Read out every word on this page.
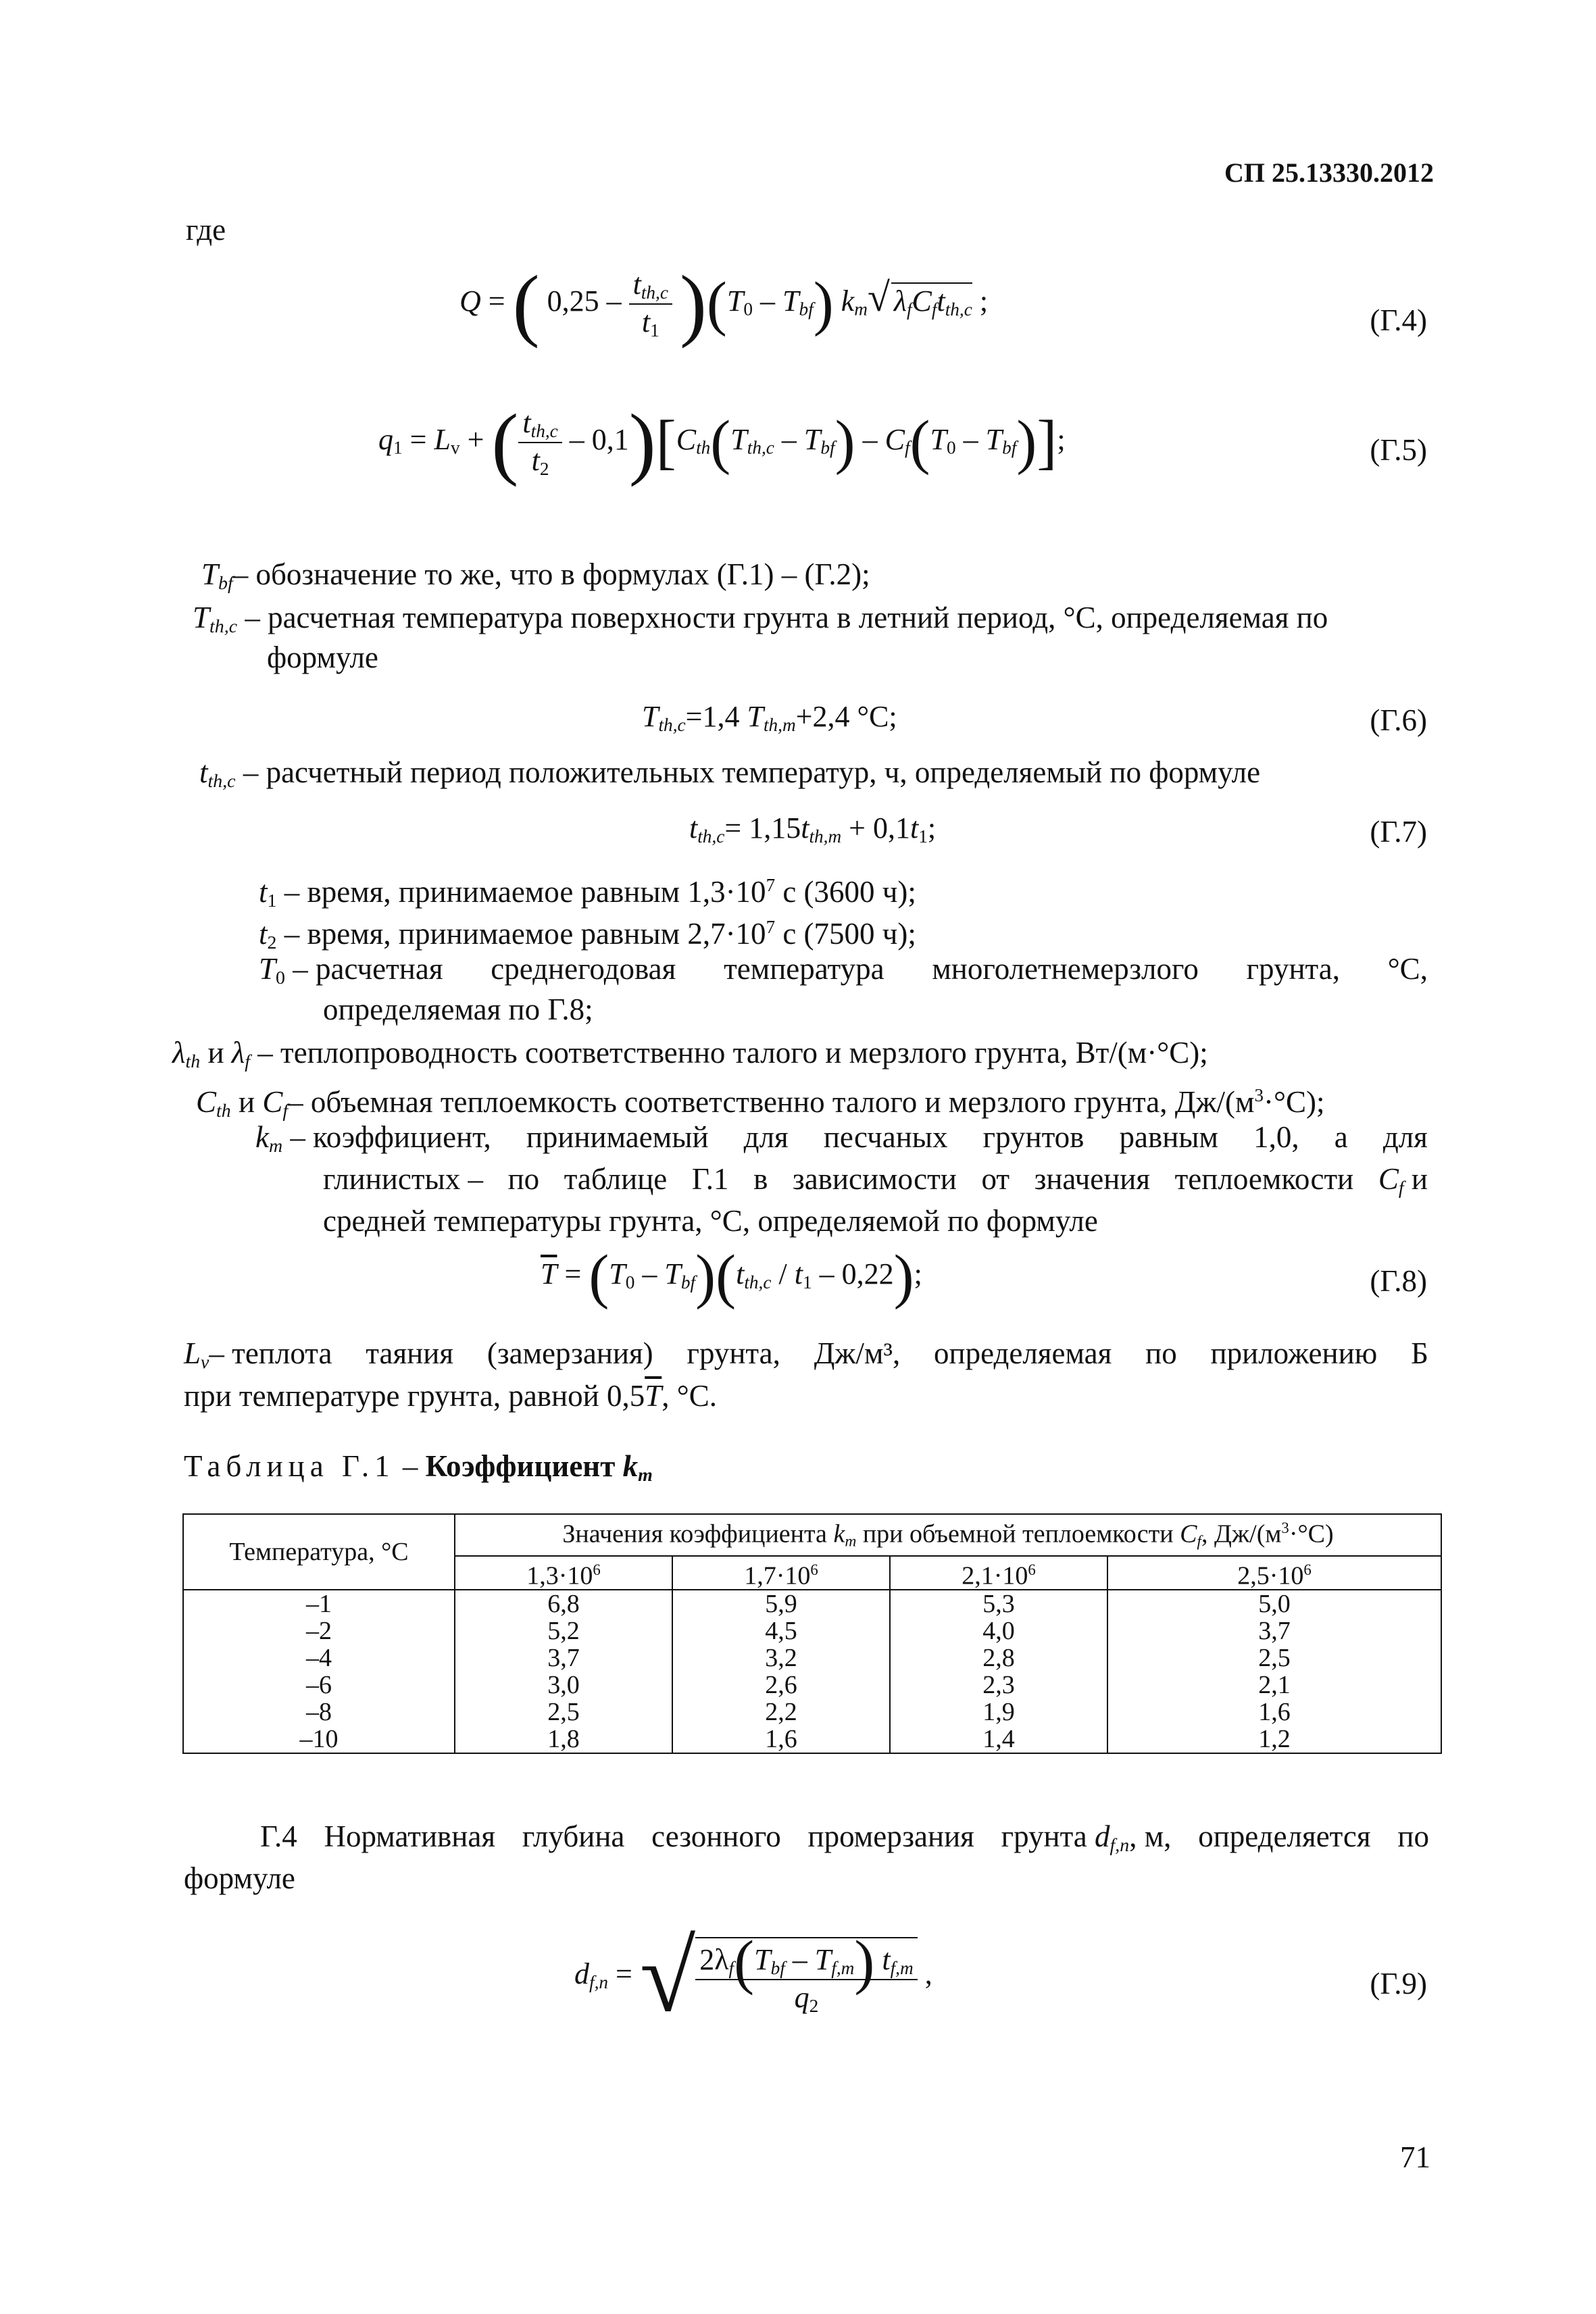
СП 25.13330.2012
где
Q = ( $0,25 - \frac{t_{th,c}}{t_1} )(T_0 - T_{bf})$ $k_m√$ $\lambda_fC_ft_{th,c}$ ;
(Г.4)
$q_1 = L_v$ + ( $\frac{t_{th,c}}{t_2} - 0,1)[C_{th}(T_{th,c} - T_{bf}) - C_f(T_0 - T_{bf})]$;	(Г.5)
$T_{bf}-$ обозначение то же, что в формулах (Г.1) – (Г.2);
$T_{th,c}$ – расчетная температура поверхности грунта в летний период, °С, определяемая по
формуле
$T_{th,c}=1,4$ $T_{th,m}+2,4$ °C;	(Г.6)
$t_{th,c}$ – расчетный период положительных температур, ч, определяемый по формуле
$t_{th,c}= 1,15t_{th,m} + 0,1t_1$;	(Г.7)
$t_1$ – время, принимаемое равным $1,3\cdot 10^7$ с (3600 ч);
$t_2$ – время, принимаемое равным $2,7\cdot 10^7$ с (7500 ч);
$T_0$ – расчетная среднегодовая температура многолетнемерзлого грунта, °С,
определяемая по Г.8;
$\lambda_{th}$ и $\lambda_f$ – теплопроводность соответственно талого и мерзлого грунта, Вт/(м·°С);
$C_{th}$ и $C_f-$ объемная теплоемкость соответственно талого и мерзлого грунта, $Дж/(м^3\cdot^\circ С)$;
$k_m$ – коэффициент, принимаемый для песчаных грунтов равным 1,0, а для
глинистых – по таблице Г.1 в зависимости от значения теплоемкости $C_f$ и
средней температуры грунта, °С, определяемой по формуле
$\overline{T} = (T_0 - T_{bf})(t_{th,c} / t_1 - 0,22)$;	(Г.8)
$L_v-$ теплота таяния (замерзания) грунта, Дж/м³, определяемая по приложению Б
при температуре грунта, равной $0,5\overline{T}$, °С.
Таблица Г.1 – Коэффициент $k_m$
Температура, °С	Значения коэффициента $k_m$ при объемной теплоемкости $C_f$, $Дж/(м^3\cdot^\circ С)$			
	$1,3\cdot 10^6$	$1,7\cdot 10^6$	$2,1\cdot 10^6$	$2,5\cdot 10^6$
–1	6,8	5,9	5,3	5,0
–2	5,2	4,5	4,0	3,7
–4	3,7	3,2	2,8	2,5
–6	3,0	2,6	2,3	2,1
–8	2,5	2,2	1,9	1,6
–10	1,8	1,6	1,4	1,2
Г.4 Нормативная глубина сезонного промерзания грунта $d_{f,n}$, м, определяется по
формуле
$d_{f,n}$ = √ $\frac{2\lambda_f(T_{bf} - T_{f,m}) t_{f,m}}{q_2}$ ,	(Г.9)
71
